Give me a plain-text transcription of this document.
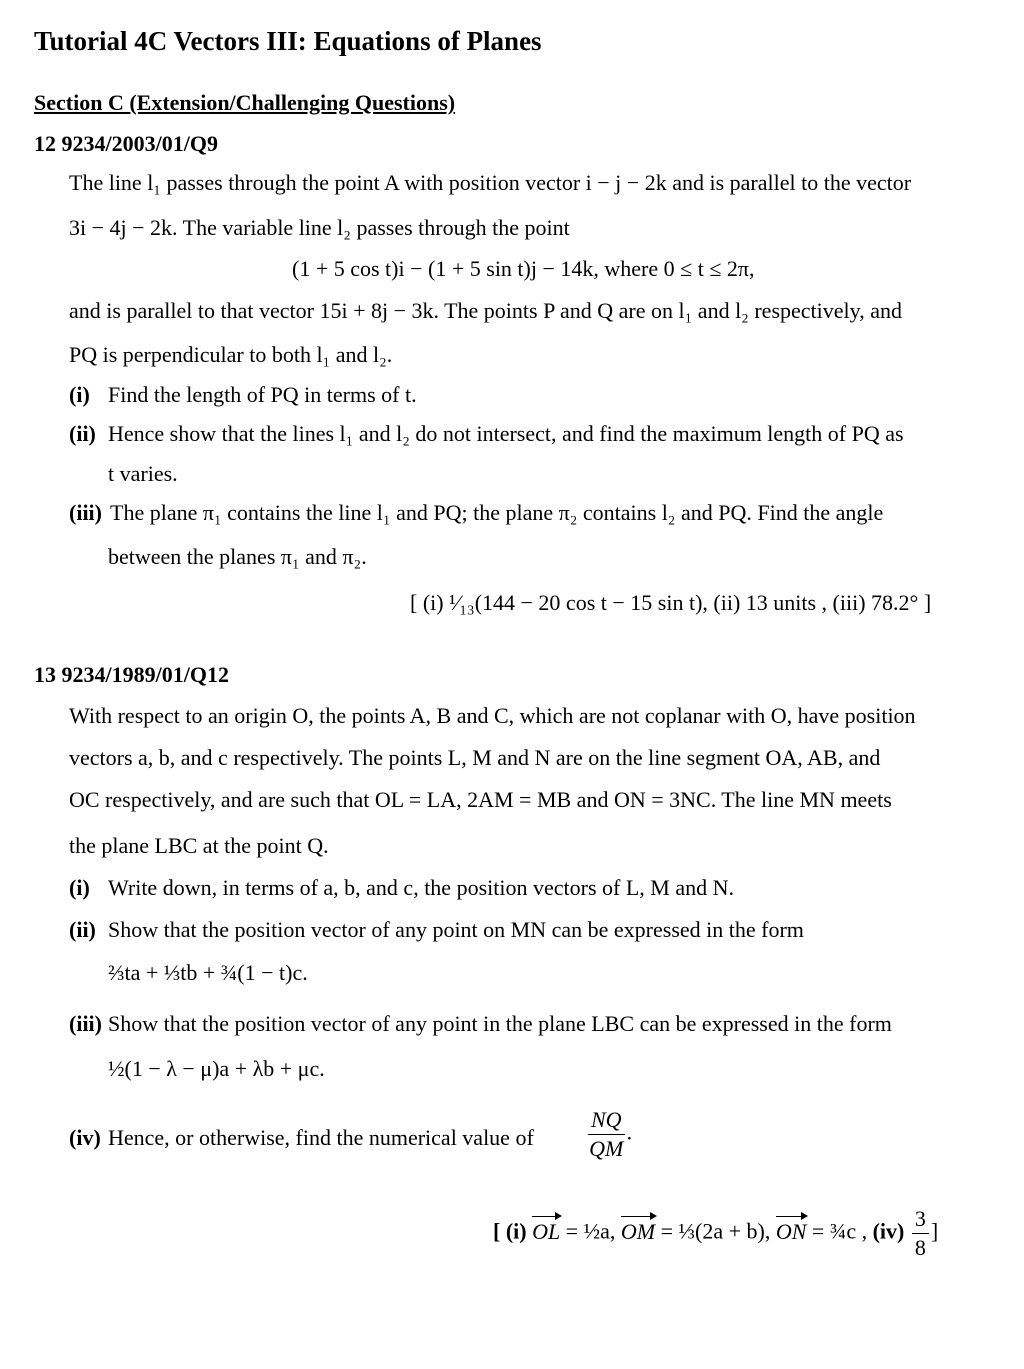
Tutorial 4C Vectors III: Equations of Planes
Section C (Extension/Challenging Questions)
12 9234/2003/01/Q9
The line l₁ passes through the point A with position vector i − j − 2k and is parallel to the vector
3i − 4j − 2k. The variable line l₂ passes through the point
(1 + 5 cos t)i − (1 + 5 sin t)j − 14k, where 0 ≤ t ≤ 2π,
and is parallel to that vector 15i + 8j − 3k. The points P and Q are on l₁ and l₂ respectively, and
PQ is perpendicular to both l₁ and l₂.
(i) Find the length of PQ in terms of t.
(ii) Hence show that the lines l₁ and l₂ do not intersect, and find the maximum length of PQ as
t varies.
(iii) The plane π₁ contains the line l₁ and PQ; the plane π₂ contains l₂ and PQ. Find the angle
between the planes π₁ and π₂.
[ (i) ¹⁄₁₃(144 − 20 cos t − 15 sin t), (ii) 13 units , (iii) 78.2° ]
13 9234/1989/01/Q12
With respect to an origin O, the points A, B and C, which are not coplanar with O, have position
vectors a, b, and c respectively. The points L, M and N are on the line segment OA, AB, and
OC respectively, and are such that OL = LA, 2AM = MB and ON = 3NC. The line MN meets
the plane LBC at the point Q.
(i) Write down, in terms of a, b, and c, the position vectors of L, M and N.
(ii) Show that the position vector of any point on MN can be expressed in the form
⅔ta + ⅓tb + ¾(1 − t)c.
(iii) Show that the position vector of any point in the plane LBC can be expressed in the form
½(1 − λ − μ)a + λb + μc.
(iv) Hence, or otherwise, find the numerical value of $\frac{NQ}{QM}$ .
[ (i) OL = ½a, OM = ⅓(2a + b), ON = ¾c , $(iv) \frac{3}{8}$ ]
